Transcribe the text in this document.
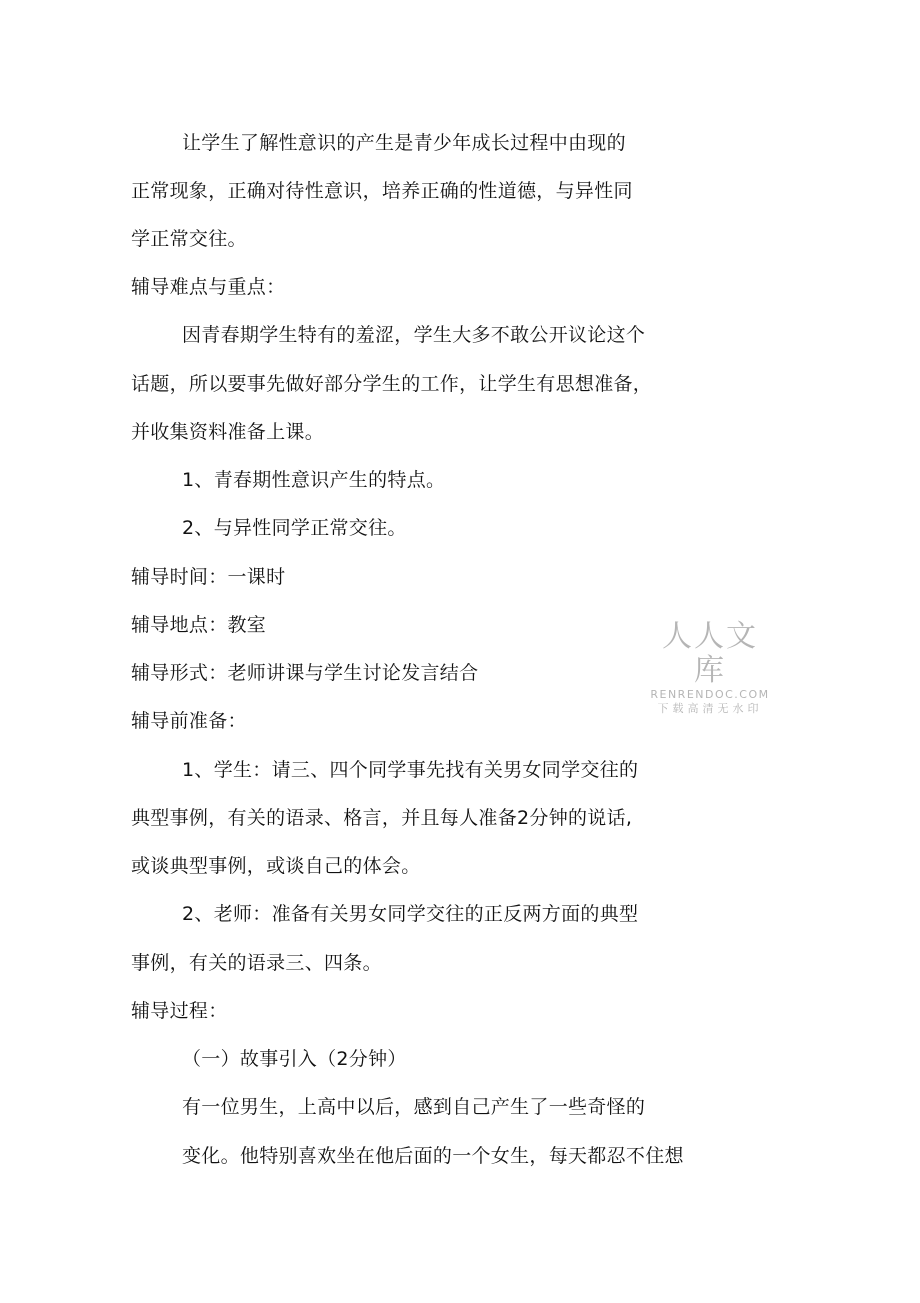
让学生了解性意识的产生是青少年成长过程中由现的
正常现象，正确对待性意识，培养正确的性道德，与异性同
学正常交往。
辅导难点与重点：
因青春期学生特有的羞涩，学生大多不敢公开议论这个
话题，所以要事先做好部分学生的工作，让学生有思想准备，
并收集资料准备上课。
1、青春期性意识产生的特点。
2、与异性同学正常交往。
辅导时间：一课时
辅导地点：教室
辅导形式：老师讲课与学生讨论发言结合
辅导前准备：
1、学生：请三、四个同学事先找有关男女同学交往的
典型事例，有关的语录、格言，并且每人准备2分钟的说话,
或谈典型事例，或谈自己的体会。
2、老师：准备有关男女同学交往的正反两方面的典型
事例，有关的语录三、四条。
辅导过程：
（一）故事引入（2分钟）
有一位男生，上高中以后，感到自己产生了一些奇怪的
变化。他特别喜欢坐在他后面的一个女生，每天都忍不住想
人人文库
RENRENDOC.COM
下载高清无水印
